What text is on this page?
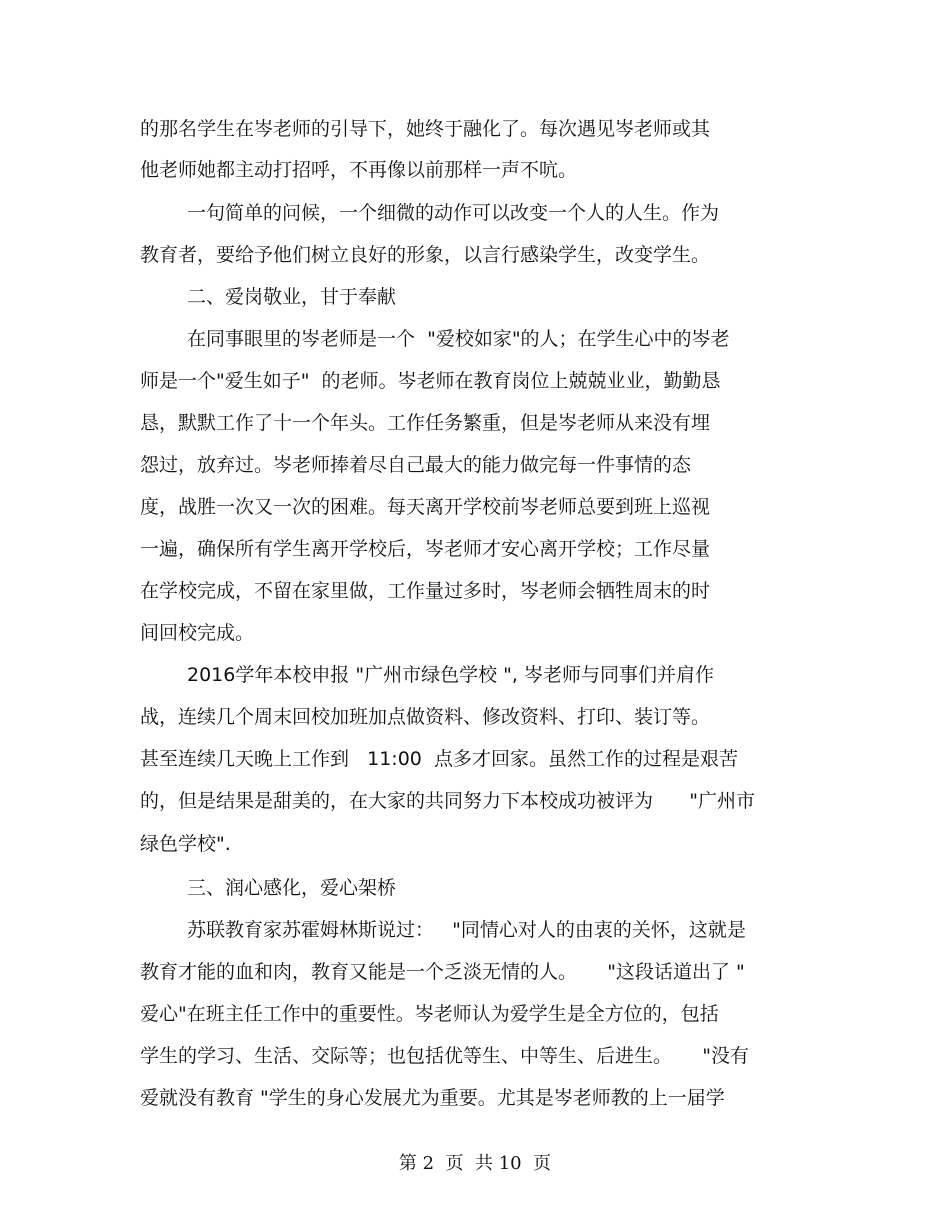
的那名学生在岑老师的引导下，她终于融化了。每次遇见岑老师或其
他老师她都主动打招呼，不再像以前那样一声不吭。
一句简单的问候，一个细微的动作可以改变一个人的人生。作为
教育者，要给予他们树立良好的形象，以言行感染学生，改变学生。
二、爱岗敬业，甘于奉献
在同事眼里的岑老师是一个  "爱校如家"的人；在学生心中的岑老
师是一个"爱生如子"  的老师。岑老师在教育岗位上兢兢业业，勤勤恳
恳，默默工作了十一个年头。工作任务繁重，但是岑老师从来没有埋
怨过，放弃过。岑老师捧着尽自己最大的能力做完每一件事情的态
度，战胜一次又一次的困难。每天离开学校前岑老师总要到班上巡视
一遍，确保所有学生离开学校后，岑老师才安心离开学校；工作尽量
在学校完成，不留在家里做，工作量过多时，岑老师会牺牲周末的时
间回校完成。
2016学年本校申报 "广州市绿色学校 ", 岑老师与同事们并肩作
战，连续几个周末回校加班加点做资料、修改资料、打印、装订等。
甚至连续几天晚上工作到   11:00  点多才回家。虽然工作的过程是艰苦
的，但是结果是甜美的，在大家的共同努力下本校成功被评为      "广州市
绿色学校".
三、润心感化，爱心架桥
苏联教育家苏霍姆林斯说过：   "同情心对人的由衷的关怀，这就是
教育才能的血和肉，教育又能是一个乏淡无情的人。     "这段话道出了 "
爱心"在班主任工作中的重要性。岑老师认为爱学生是全方位的，包括
学生的学习、生活、交际等；也包括优等生、中等生、后进生。     "没有
爱就没有教育 "学生的身心发展尤为重要。尤其是岑老师教的上一届学
第 2  页  共 10  页
